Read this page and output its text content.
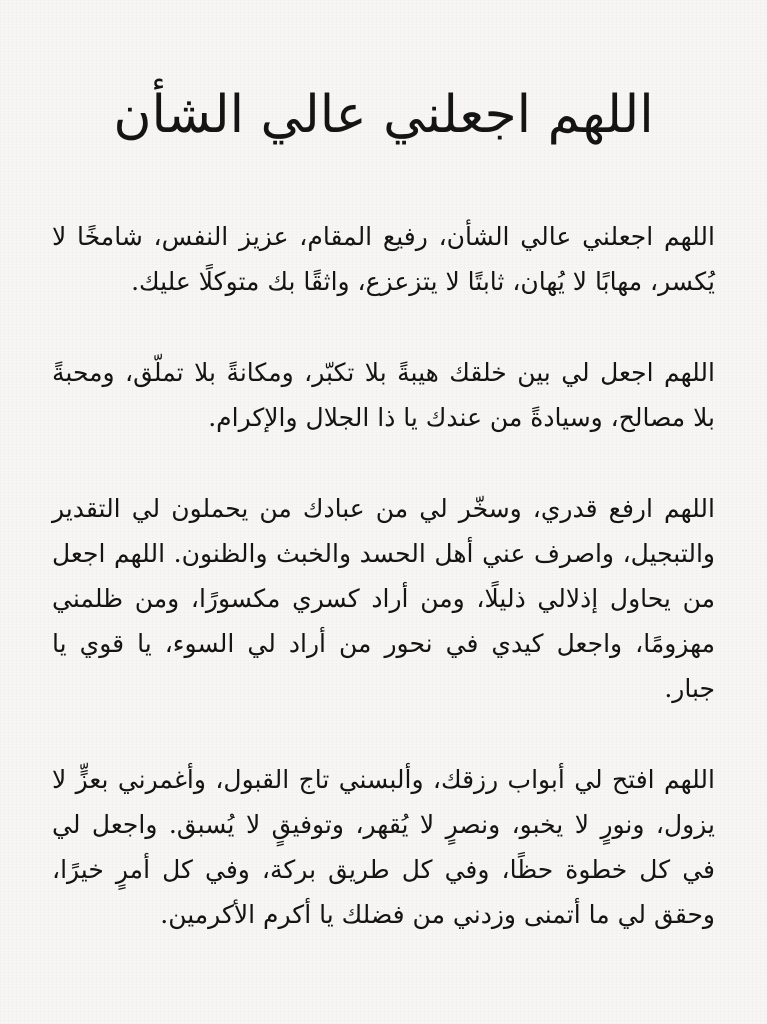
اللهم اجعلني عالي الشأن

اللهم اجعلني عالي الشأن، رفيع المقام، عزيز النفس، شامخًا لا يُكسر، مهابًا لا يُهان، ثابتًا لا يتزعزع، واثقًا بك متوكلًا عليك.

اللهم اجعل لي بين خلقك هيبةً بلا تكبّر، ومكانةً بلا تملّق، ومحبةً بلا مصالح، وسيادةً من عندك يا ذا الجلال والإكرام.

اللهم ارفع قدري، وسخّر لي من عبادك من يحملون لي التقدير والتبجيل، واصرف عني أهل الحسد والخبث والظنون. اللهم اجعل من يحاول إذلالي ذليلًا، ومن أراد كسري مكسورًا، ومن ظلمني مهزومًا، واجعل كيدي في نحور من أراد لي السوء، يا قوي يا جبار.

اللهم افتح لي أبواب رزقك، وألبسني تاج القبول، وأغمرني بعزٍّ لا يزول، ونورٍ لا يخبو، ونصرٍ لا يُقهر، وتوفيقٍ لا يُسبق. واجعل لي في كل خطوة حظًا، وفي كل طريق بركة، وفي كل أمرٍ خيرًا، وحقق لي ما أتمنى وزدني من فضلك يا أكرم الأكرمين.
